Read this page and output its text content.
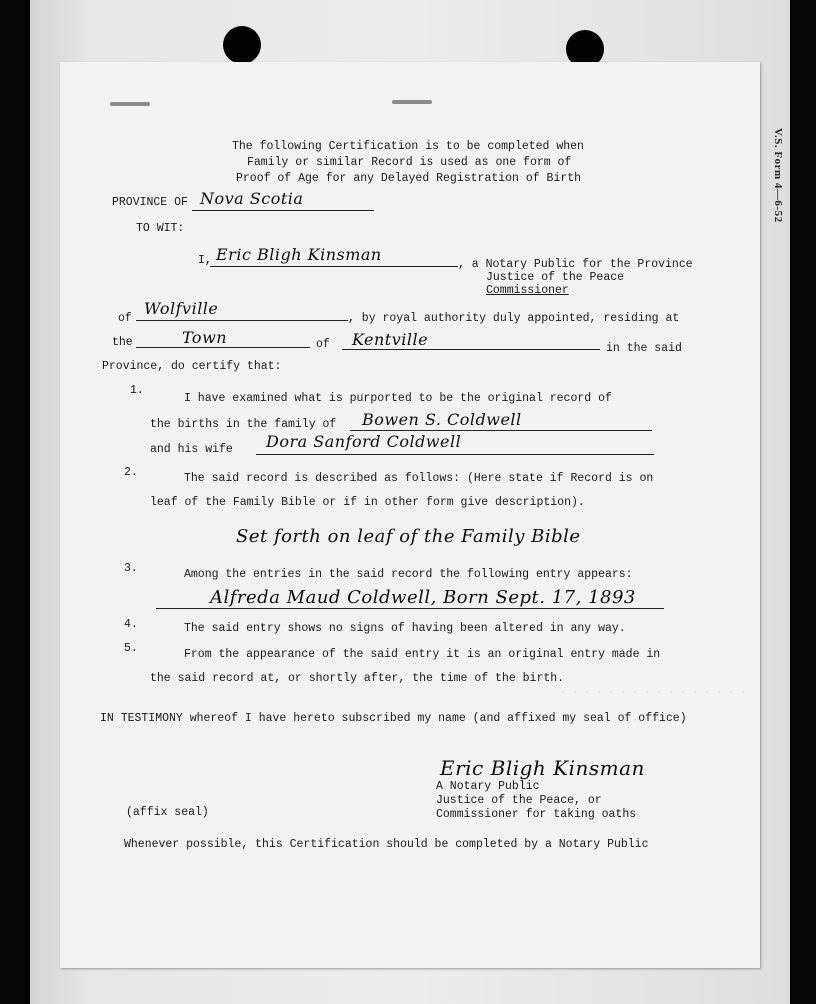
V.S. Form 4—6-52
. . . . . . . . . . . . . . . .
The following Certification is to be completed when
Family or similar Record is used as one form of
Proof of Age for any Delayed Registration of Birth
PROVINCE OF Nova Scotia
TO WIT:
I, Eric Bligh Kinsman
, a Notary Public for the Province
Justice of the Peace
Commissioner
of
Wolfville
, by royal authority duly appointed, residing at
the	Town	of Kentville	in the said
Province, do certify that:
1.
I have examined what is purported to be the original record of
the births in the family of Bowen S. Coldwell
and his wife Dora Sanford Coldwell
2.	The said record is described as follows: (Here state if Record is on
leaf of the Family Bible or if in other form give description).
Set forth on leaf of the Family Bible
3.	Among the entries in the said record the following entry appears:
Alfreda Maud Coldwell, Born Sept. 17, 1893
4.	The said entry shows no signs of having been altered in any way.
5.	From the appearance of the said entry it is an original entry made in
the said record at, or shortly after, the time of the birth.
IN TESTIMONY whereof I have hereto subscribed my name (and affixed my seal of office)
Eric Bligh Kinsman
A Notary Public
Justice of the Peace, or
Commissioner for taking oaths
(affix seal)
Whenever possible, this Certification should be completed by a Notary Public
